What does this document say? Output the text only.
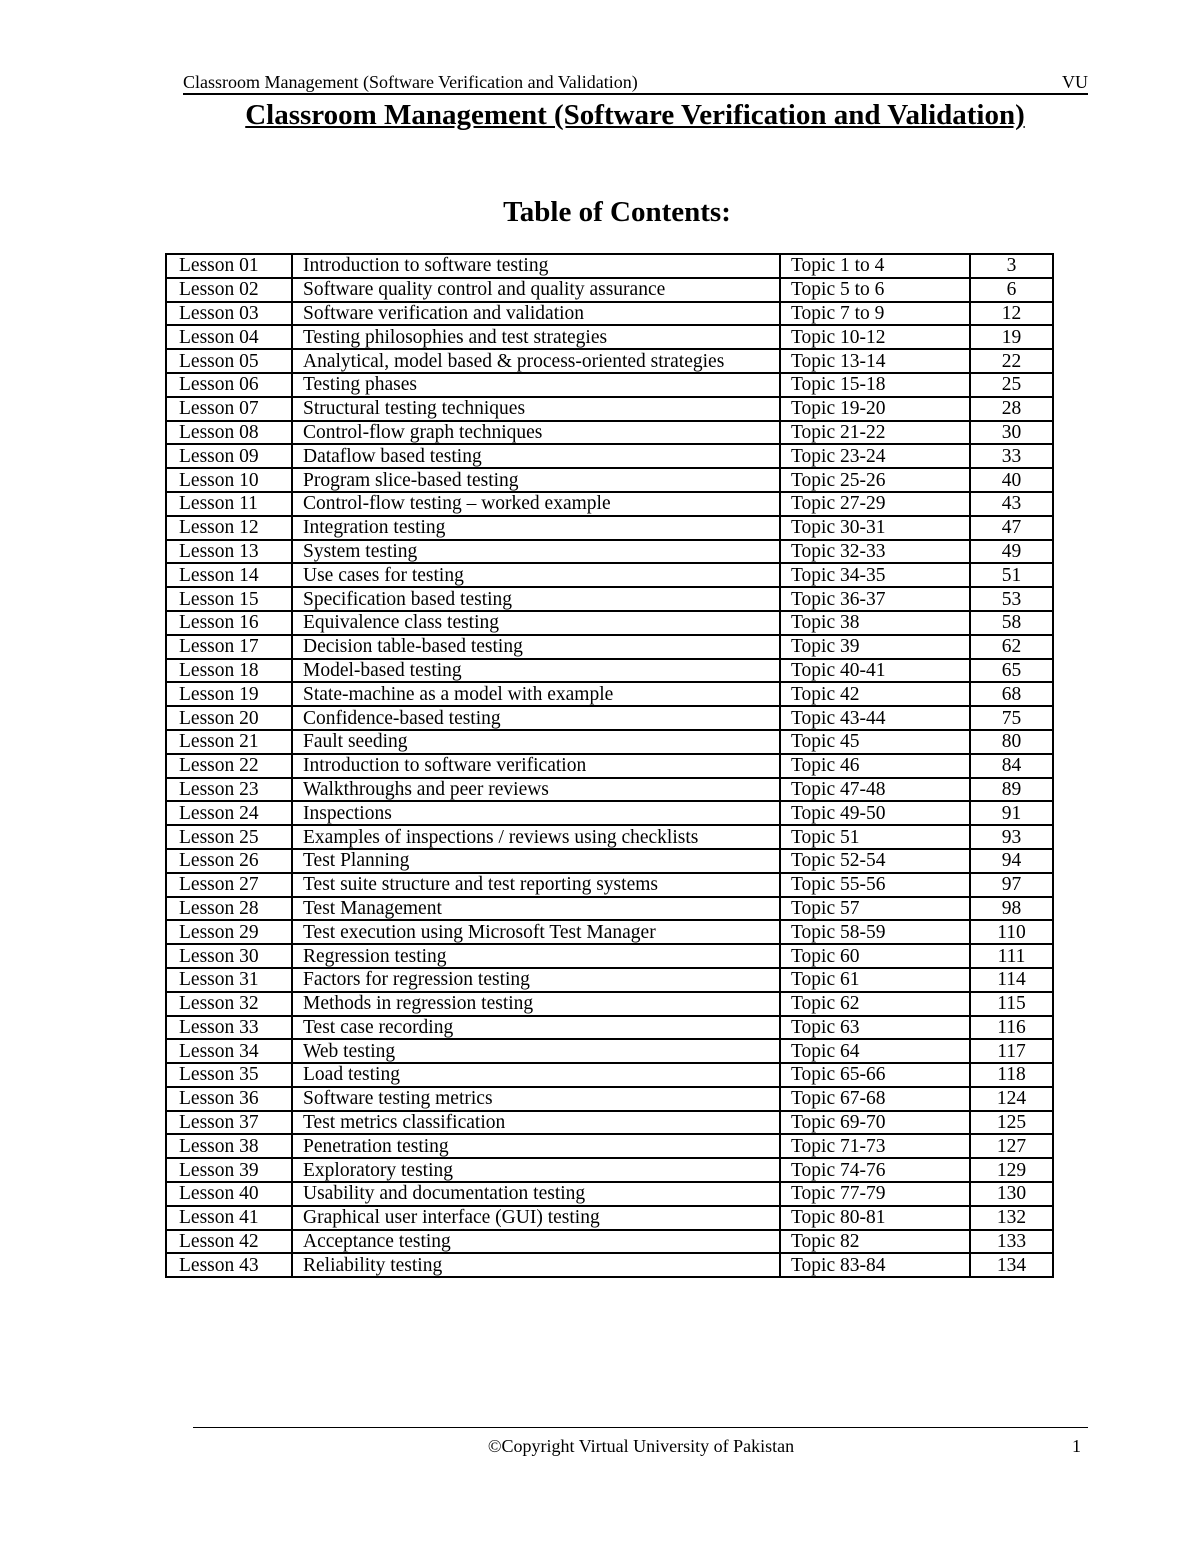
Classroom Management (Software Verification and Validation)	VU
Classroom Management (Software Verification and Validation)
Table of Contents:
Lesson 01	Introduction to software testing	Topic 1 to 4	3
Lesson 02	Software quality control and quality assurance	Topic 5 to 6	6
Lesson 03	Software verification and validation	Topic 7 to 9	12
Lesson 04	Testing philosophies and test strategies	Topic 10-12	19
Lesson 05	Analytical, model based & process-oriented strategies	Topic 13-14	22
Lesson 06	Testing phases	Topic 15-18	25
Lesson 07	Structural testing techniques	Topic 19-20	28
Lesson 08	Control-flow graph techniques	Topic 21-22	30
Lesson 09	Dataflow based testing	Topic 23-24	33
Lesson 10	Program slice-based testing	Topic 25-26	40
Lesson 11	Control-flow testing – worked example	Topic 27-29	43
Lesson 12	Integration testing	Topic 30-31	47
Lesson 13	System testing	Topic 32-33	49
Lesson 14	Use cases for testing	Topic 34-35	51
Lesson 15	Specification based testing	Topic 36-37	53
Lesson 16	Equivalence class testing	Topic 38	58
Lesson 17	Decision table-based testing	Topic 39	62
Lesson 18	Model-based testing	Topic 40-41	65
Lesson 19	State-machine as a model with example	Topic 42	68
Lesson 20	Confidence-based testing	Topic 43-44	75
Lesson 21	Fault seeding	Topic 45	80
Lesson 22	Introduction to software verification	Topic 46	84
Lesson 23	Walkthroughs and peer reviews	Topic 47-48	89
Lesson 24	Inspections	Topic 49-50	91
Lesson 25	Examples of inspections / reviews using checklists	Topic 51	93
Lesson 26	Test Planning	Topic 52-54	94
Lesson 27	Test suite structure and test reporting systems	Topic 55-56	97
Lesson 28	Test Management	Topic 57	98
Lesson 29	Test execution using Microsoft Test Manager	Topic 58-59	110
Lesson 30	Regression testing	Topic 60	111
Lesson 31	Factors for regression testing	Topic 61	114
Lesson 32	Methods in regression testing	Topic 62	115
Lesson 33	Test case recording	Topic 63	116
Lesson 34	Web testing	Topic 64	117
Lesson 35	Load testing	Topic 65-66	118
Lesson 36	Software testing metrics	Topic 67-68	124
Lesson 37	Test metrics classification	Topic 69-70	125
Lesson 38	Penetration testing	Topic 71-73	127
Lesson 39	Exploratory testing	Topic 74-76	129
Lesson 40	Usability and documentation testing	Topic 77-79	130
Lesson 41	Graphical user interface (GUI) testing	Topic 80-81	132
Lesson 42	Acceptance testing	Topic 82	133
Lesson 43	Reliability testing	Topic 83-84	134
©Copyright Virtual University of Pakistan	1
